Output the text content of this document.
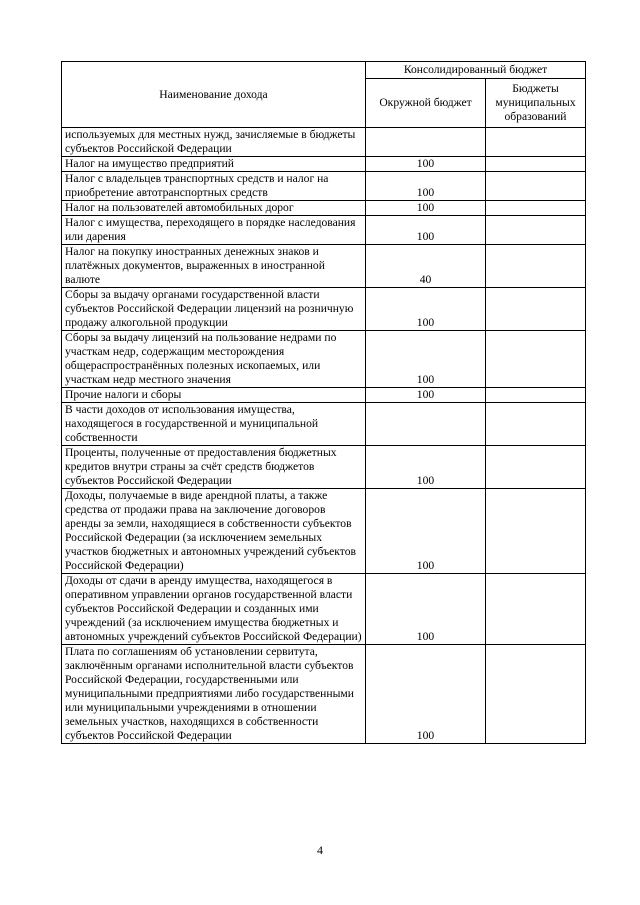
Наименование дохода	Консолидированный бюджет	
	Окружной бюджет	Бюджеты муниципальных образований
используемых для местных нужд, зачисляемые в бюджеты субъектов Российской Федерации		
Налог на имущество предприятий	100	
Налог с владельцев транспортных средств и налог на приобретение автотранспортных средств	100	
Налог на пользователей автомобильных дорог	100	
Налог с имущества, переходящего в порядке наследования или дарения	100	
Налог на покупку иностранных денежных знаков и платёжных документов, выраженных в иностранной валюте	40	
Сборы за выдачу органами государственной власти субъектов Российской Федерации лицензий на розничную продажу алкогольной продукции	100	
Сборы за выдачу лицензий на пользование недрами по участкам недр, содержащим месторождения общераспространённых полезных ископаемых, или участкам недр местного значения	100	
Прочие налоги и сборы	100	
В части доходов от использования имущества, находящегося в государственной и муниципальной собственности		
Проценты, полученные от предоставления бюджетных кредитов внутри страны за счёт средств бюджетов субъектов Российской Федерации	100	
Доходы, получаемые в виде арендной платы, а также средства от продажи права на заключение договоров аренды за земли, находящиеся в собственности субъектов Российской Федерации (за исключением земельных участков бюджетных и автономных учреждений субъектов Российской Федерации)	100	
Доходы от сдачи в аренду имущества, находящегося в оперативном управлении органов государственной власти субъектов Российской Федерации и созданных ими учреждений (за исключением имущества бюджетных и автономных учреждений субъектов Российской Федерации)	100	
Плата по соглашениям об установлении сервитута, заключённым органами исполнительной власти субъектов Российской Федерации, государственными или муниципальными предприятиями либо государственными или муниципальными учреждениями в отношении земельных участков, находящихся в собственности субъектов Российской Федерации	100	
4
